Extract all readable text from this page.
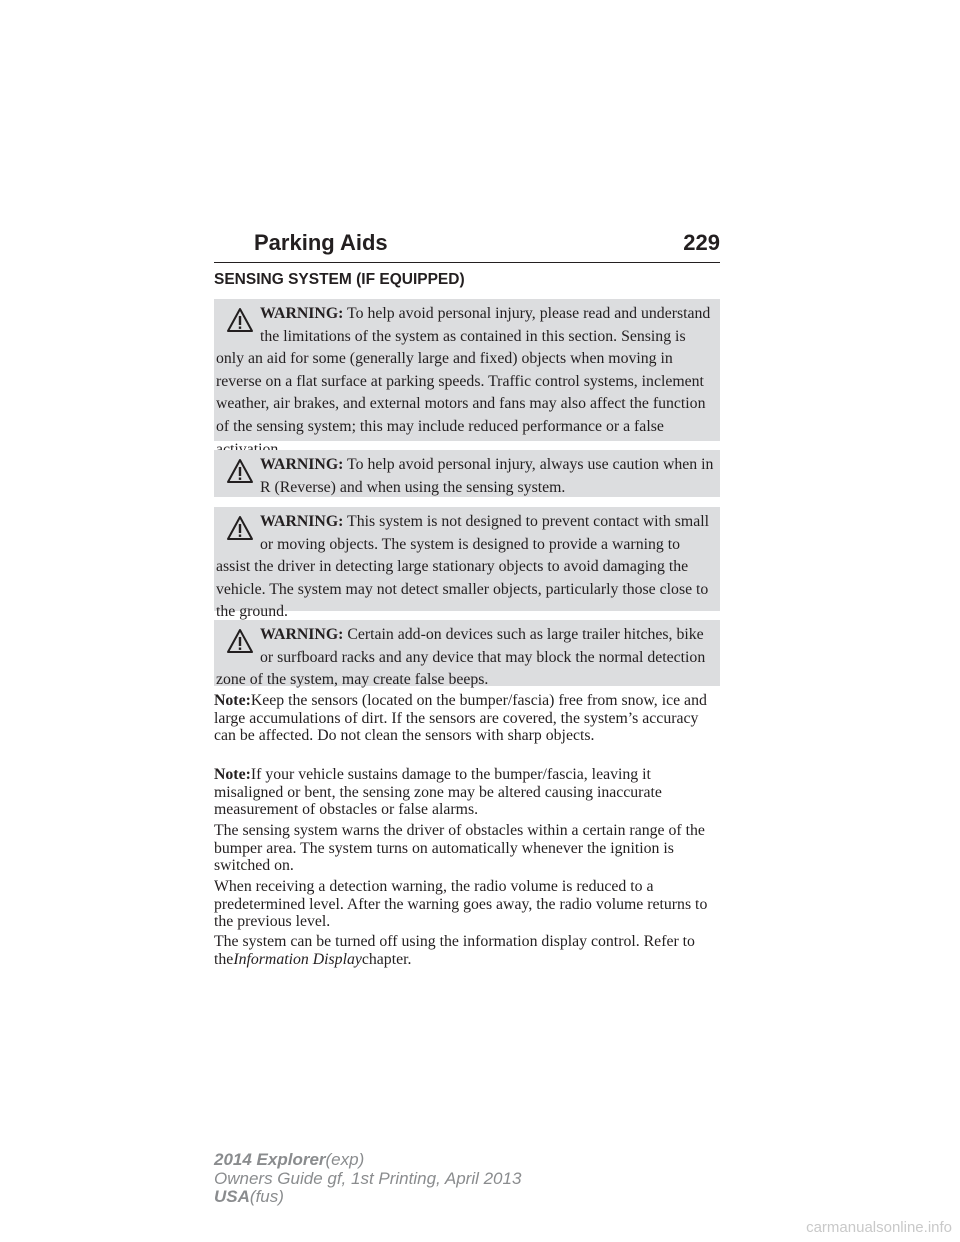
Parking Aids	229
SENSING SYSTEM (IF EQUIPPED)
WARNING: To help avoid personal injury, please read and understand the limitations of the system as contained in this section. Sensing is only an aid for some (generally large and fixed) objects when moving in reverse on a flat surface at parking speeds. Traffic control systems, inclement weather, air brakes, and external motors and fans may also affect the function of the sensing system; this may include reduced performance or a false
WARNING: To help avoid personal injury, always use caution when in R (Reverse) and when using the sensing system.
WARNING: This system is not designed to prevent contact with small or moving objects. The system is designed to provide a warning to assist the driver in detecting large stationary objects to avoid damaging the vehicle. The system may not detect smaller objects, particularly those close to the ground.
WARNING: Certain add-on devices such as large trailer hitches, bike or surfboard racks and any device that may block the normal detection zone of the system, may create false beeps.
Note:Keep the sensors (located on the bumper/fascia) free from snow, ice and large accumulations of dirt. If the sensors are covered, the system’s accuracy can be affected. Do not clean the sensors with sharp objects.
Note:If your vehicle sustains damage to the bumper/fascia, leaving it misaligned or bent, the sensing zone may be altered causing inaccurate measurement of obstacles or false alarms.
The sensing system warns the driver of obstacles within a certain range of the bumper area. The system turns on automatically whenever the ignition is switched on.
When receiving a detection warning, the radio volume is reduced to a predetermined level. After the warning goes away, the radio volume returns to the previous level.
The system can be turned off using the information display control. Refer to theInformation Displaychapter.
2014 Explorer(exp)
Owners Guide gf, 1st Printing, April 2013
USA(fus)
carmanualsonline.info
